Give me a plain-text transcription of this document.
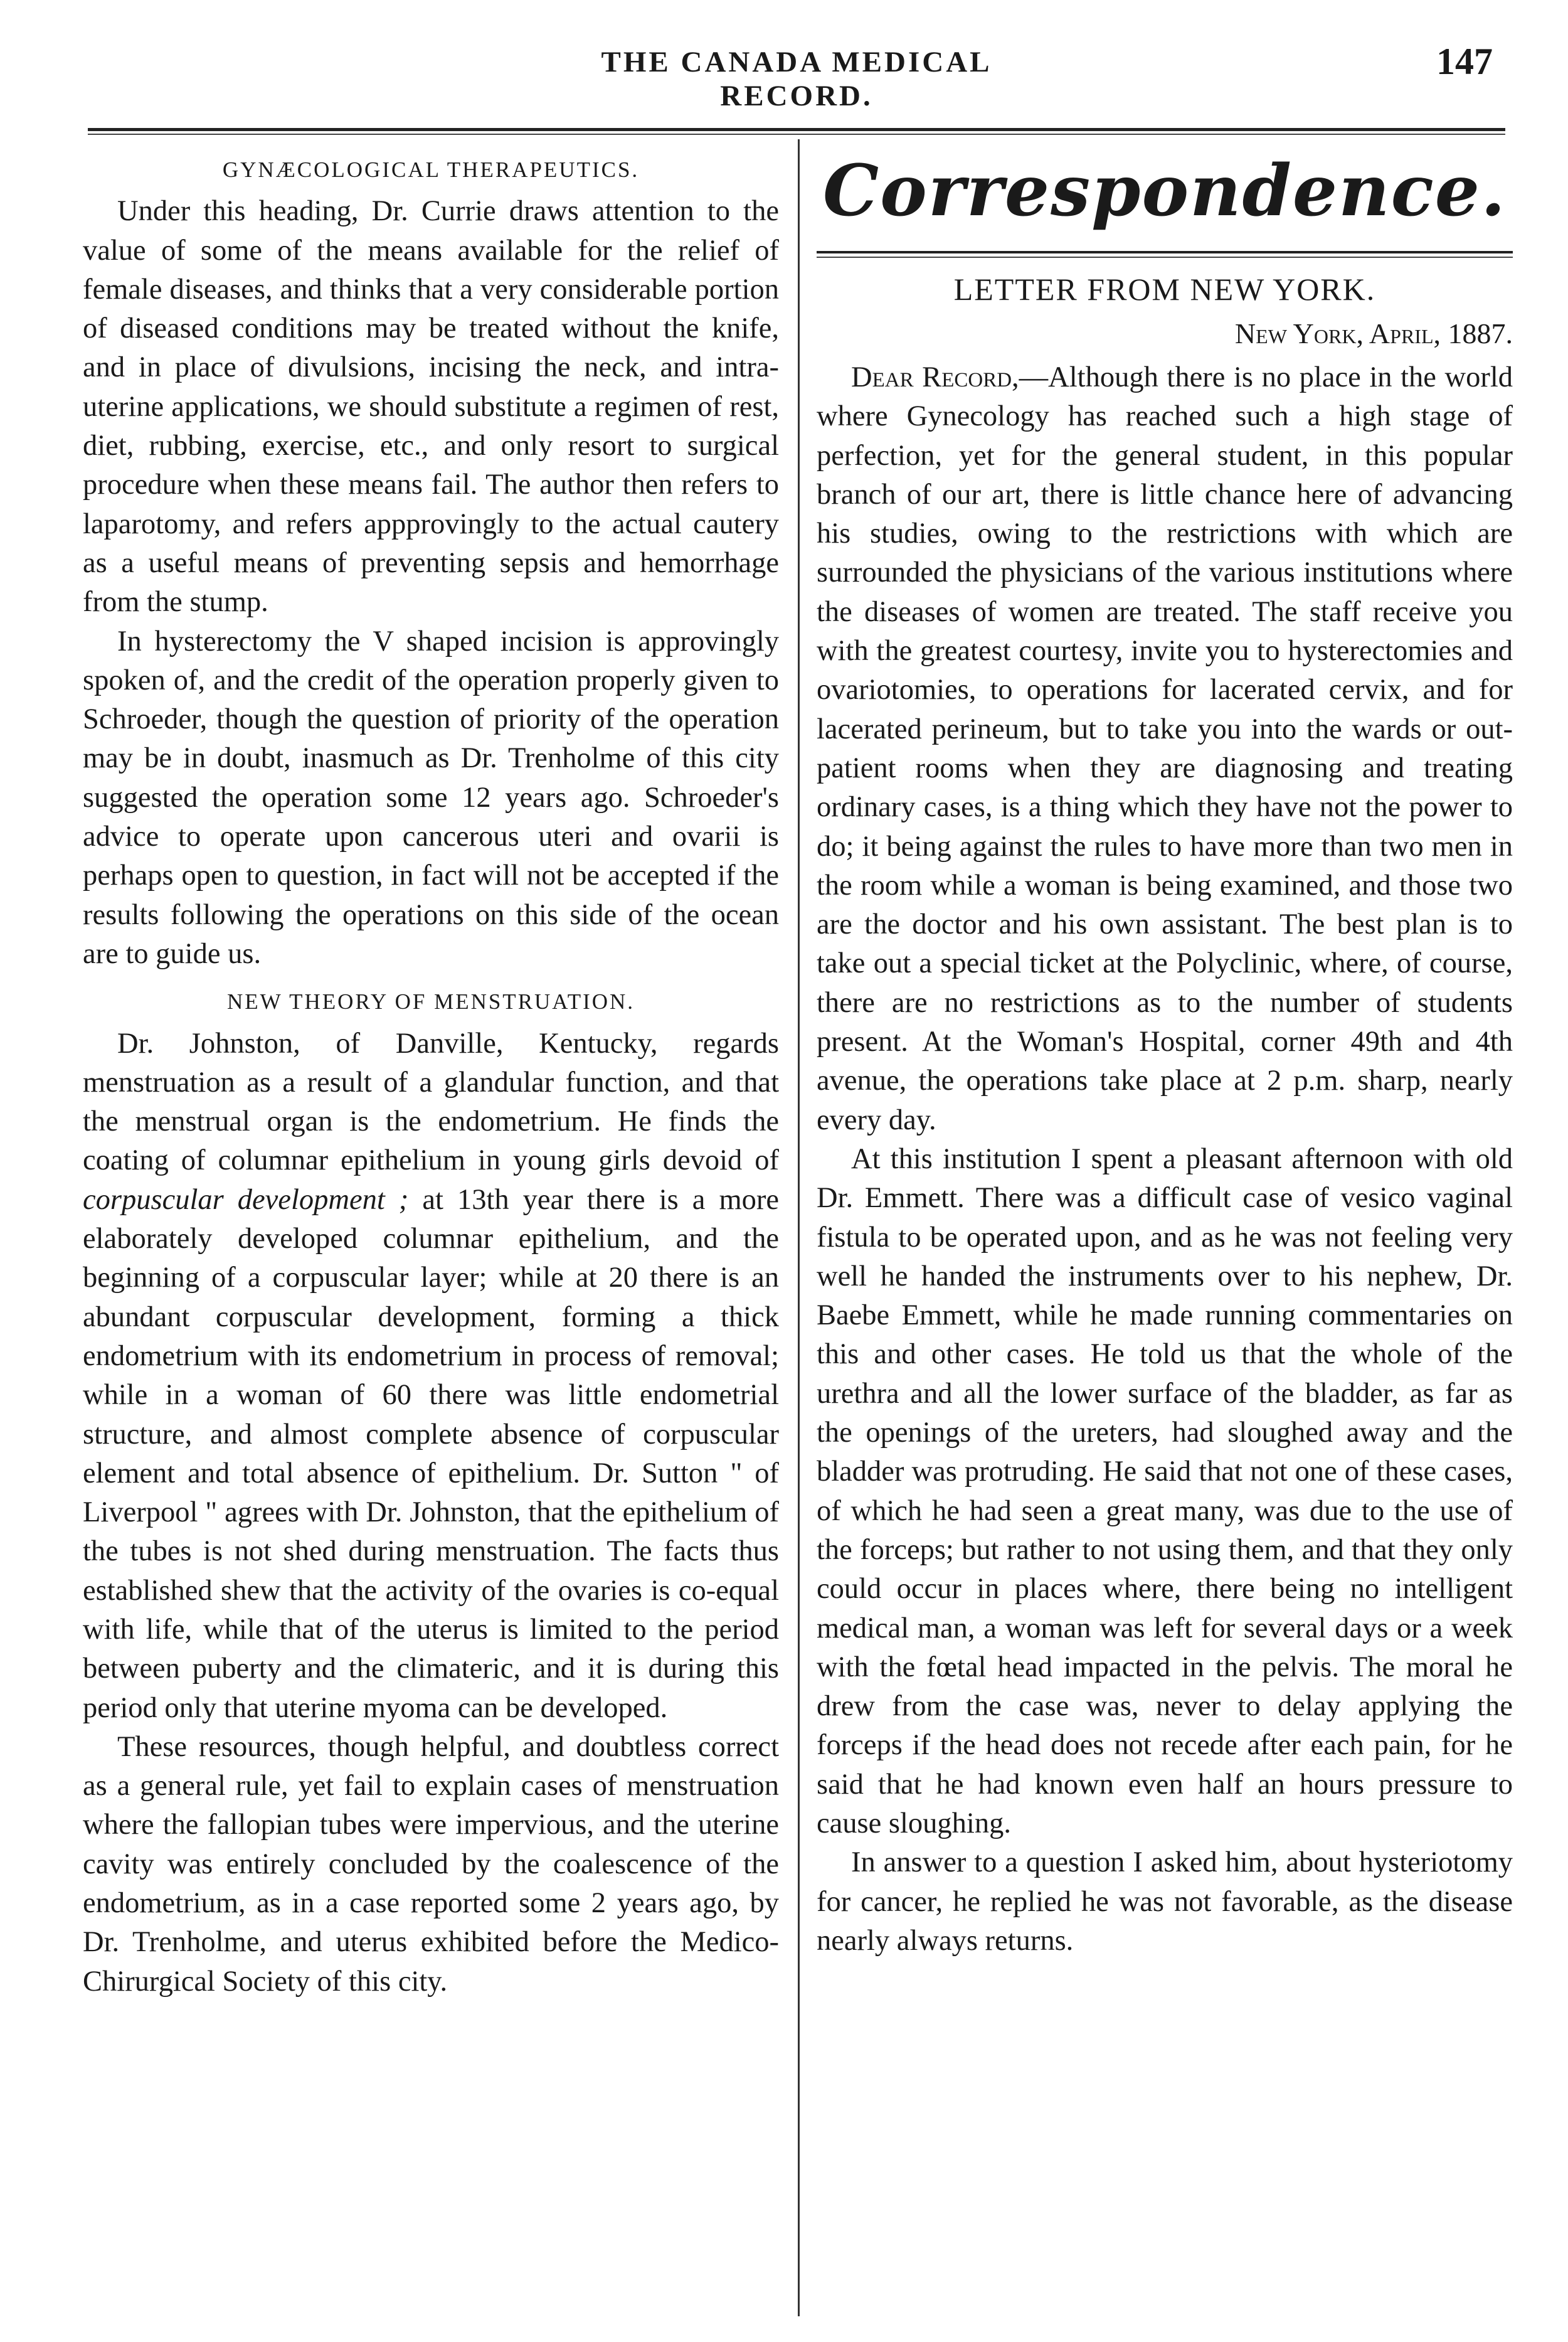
THE CANADA MEDICAL RECORD.
147
GYNÆCOLOGICAL THERAPEUTICS.

Under this heading, Dr. Currie draws attention to the value of some of the means available for the relief of female diseases, and thinks that a very considerable portion of diseased conditions may be treated without the knife, and in place of divulsions, incising the neck, and intra-uterine applications, we should substitute a regimen of rest, diet, rubbing, exercise, etc., and only resort to surgical procedure when these means fail. The author then refers to laparotomy, and refers appprovingly to the actual cautery as a useful means of preventing sepsis and hemorrhage from the stump.

In hysterectomy the V shaped incision is approvingly spoken of, and the credit of the operation properly given to Schroeder, though the question of priority of the operation may be in doubt, inasmuch as Dr. Trenholme of this city suggested the operation some 12 years ago. Schroeder's advice to operate upon cancerous uteri and ovarii is perhaps open to question, in fact will not be accepted if the results following the operations on this side of the ocean are to guide us.

NEW THEORY OF MENSTRUATION.

Dr. Johnston, of Danville, Kentucky, regards menstruation as a result of a glandular function, and that the menstrual organ is the endometrium. He finds the coating of columnar epithelium in young girls devoid of corpuscular development ; at 13th year there is a more elaborately developed columnar epithelium, and the beginning of a corpuscular layer; while at 20 there is an abundant corpuscular development, forming a thick endometrium with its endometrium in process of removal; while in a woman of 60 there was little endometrial structure, and almost complete absence of corpuscular element and total absence of epithelium. Dr. Sutton " of Liverpool " agrees with Dr. Johnston, that the epithelium of the tubes is not shed during menstruation. The facts thus established shew that the activity of the ovaries is co-equal with life, while that of the uterus is limited to the period between puberty and the climateric, and it is during this period only that uterine myoma can be developed.

These resources, though helpful, and doubtless correct as a general rule, yet fail to explain cases of menstruation where the fallopian tubes were impervious, and the uterine cavity was entirely concluded by the coalescence of the endometrium, as in a case reported some 2 years ago, by Dr. Trenholme, and uterus exhibited before the Medico-Chirurgical Society of this city.

Correspondence.
LETTER FROM NEW YORK.
New York, April, 1887.

Dear Record,—Although there is no place in the world where Gynecology has reached such a high stage of perfection, yet for the general student, in this popular branch of our art, there is little chance here of advancing his studies, owing to the restrictions with which are surrounded the physicians of the various institutions where the diseases of women are treated. The staff receive you with the greatest courtesy, invite you to hysterectomies and ovariotomies, to operations for lacerated cervix, and for lacerated perineum, but to take you into the wards or out-patient rooms when they are diagnosing and treating ordinary cases, is a thing which they have not the power to do; it being against the rules to have more than two men in the room while a woman is being examined, and those two are the doctor and his own assistant. The best plan is to take out a special ticket at the Polyclinic, where, of course, there are no restrictions as to the number of students present. At the Woman's Hospital, corner 49th and 4th avenue, the operations take place at 2 p.m. sharp, nearly every day.

At this institution I spent a pleasant afternoon with old Dr. Emmett. There was a difficult case of vesico vaginal fistula to be operated upon, and as he was not feeling very well he handed the instruments over to his nephew, Dr. Baebe Emmett, while he made running commentaries on this and other cases. He told us that the whole of the urethra and all the lower surface of the bladder, as far as the openings of the ureters, had sloughed away and the bladder was protruding. He said that not one of these cases, of which he had seen a great many, was due to the use of the forceps; but rather to not using them, and that they only could occur in places where, there being no intelligent medical man, a woman was left for several days or a week with the fœtal head impacted in the pelvis. The moral he drew from the case was, never to delay applying the forceps if the head does not recede after each pain, for he said that he had known even half an hours pressure to cause sloughing.

In answer to a question I asked him, about hysteriotomy for cancer, he replied he was not favorable, as the disease nearly always returns.
